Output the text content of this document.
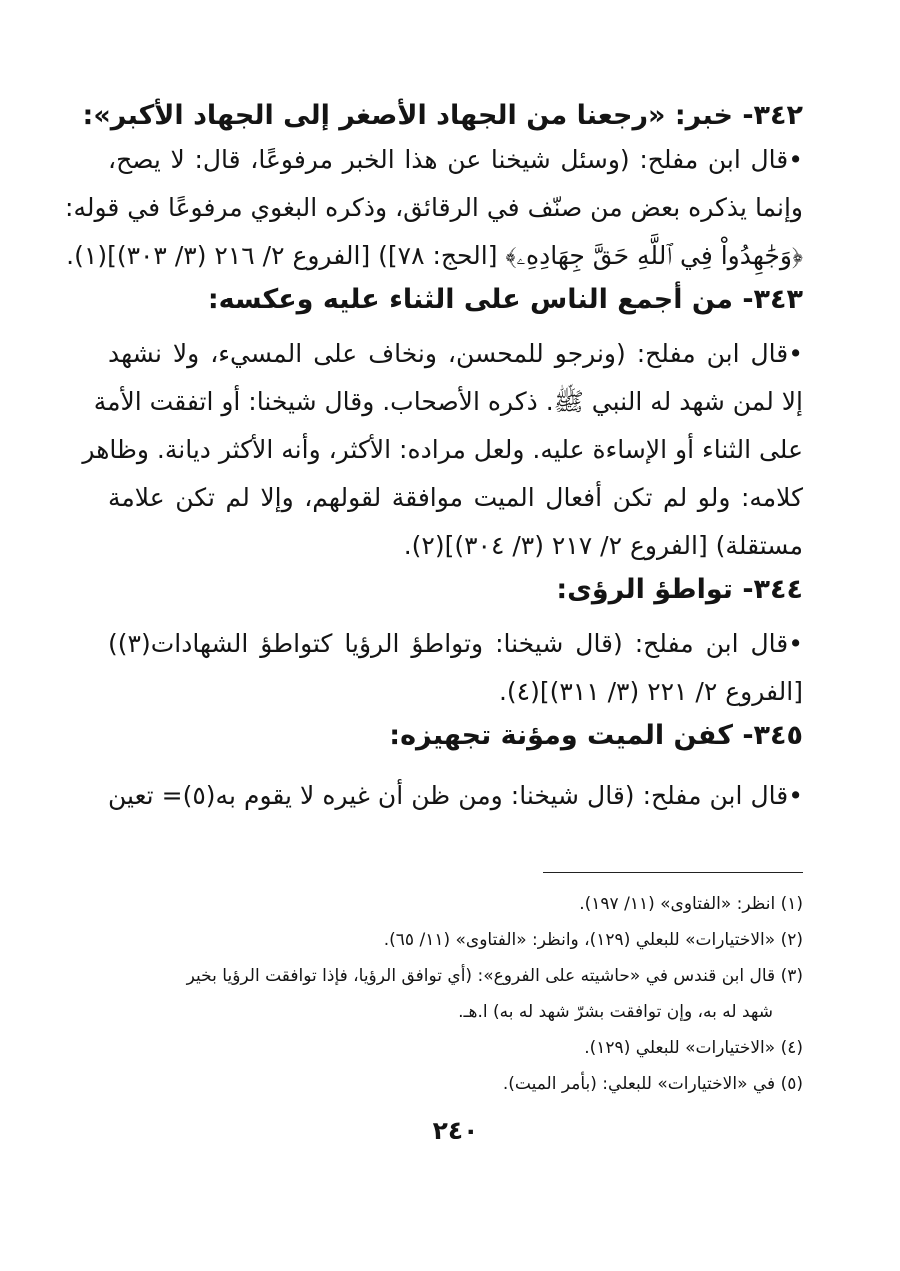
٣٤٢- خبر: «رجعنا من الجهاد الأصغر إلى الجهاد الأكبر»:

•قال ابن مفلح: (وسئل شيخنا عن هذا الخبر مرفوعًا، قال: لا يصح،
وإنما يذكره بعض من صنّف في الرقائق، وذكره البغوي مرفوعًا في قوله:
﴿وَجَٰهِدُواْ فِي ٱللَّهِ حَقَّ جِهَادِهِۦ﴾ [الحج: ٧٨]) [الفروع ٢/ ٢١٦ (٣/ ٣٠٣)](١).

٣٤٣- من أجمع الناس على الثناء عليه وعكسه:

•قال ابن مفلح: (ونرجو للمحسن، ونخاف على المسيء، ولا نشهد
إلا لمن شهد له النبي ﷺ. ذكره الأصحاب. وقال شيخنا: أو اتفقت الأمة
على الثناء أو الإساءة عليه. ولعل مراده: الأكثر، وأنه الأكثر ديانة. وظاهر
كلامه: ولو لم تكن أفعال الميت موافقة لقولهم، وإلا لم تكن علامة
مستقلة) [الفروع ٢/ ٢١٧ (٣/ ٣٠٤)](٢).

٣٤٤- تواطؤ الرؤى:

•قال ابن مفلح: (قال شيخنا: وتواطؤ الرؤيا كتواطؤ الشهادات(٣))
[الفروع ٢/ ٢٢١ (٣/ ٣١١)](٤).

٣٤٥- كفن الميت ومؤنة تجهيزه:

•قال ابن مفلح: (قال شيخنا: ومن ظن أن غيره لا يقوم به(٥)= تعين
(١) انظر: «الفتاوى» (١١/ ١٩٧).
(٢) «الاختيارات» للبعلي (١٢٩)، وانظر: «الفتاوى» (١١/ ٦٥).
(٣) قال ابن قندس في «حاشيته على الفروع»: (أي توافق الرؤيا، فإذا توافقت الرؤيا بخير
شهد له به، وإن توافقت بشرّ شهد له به) ا.هـ.
(٤) «الاختيارات» للبعلي (١٢٩).
(٥) في «الاختيارات» للبعلي: (بأمر الميت).
٢٤٠
